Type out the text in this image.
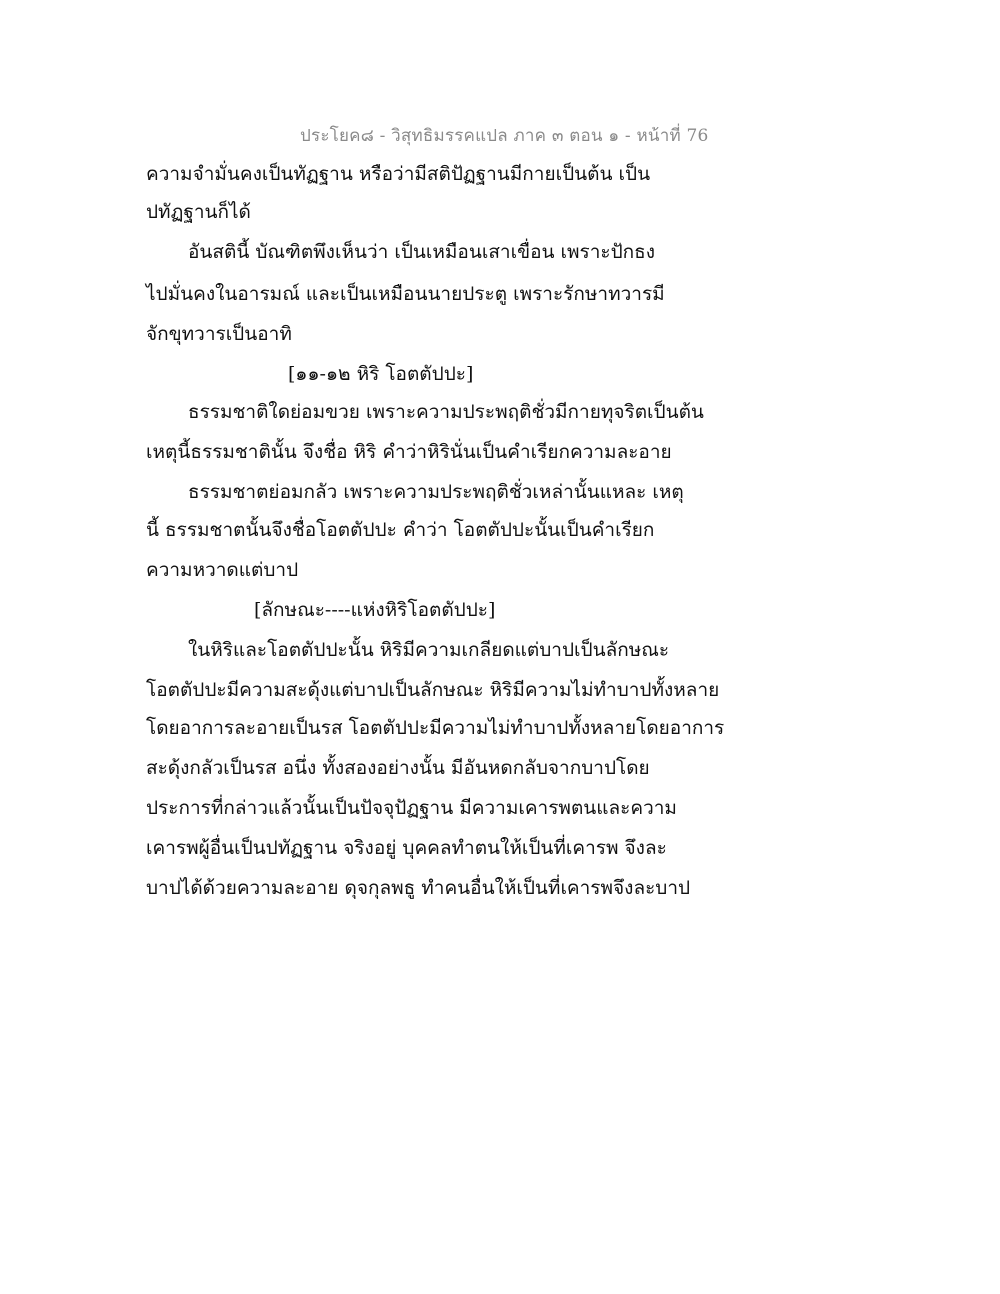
ประโยค๘ - วิสุทธิมรรคแปล ภาค ๓ ตอน ๑ - หน้าที่ 76
ความจำมั่นคงเป็นทัฏฐาน หรือว่ามีสติปัฏฐานมีกายเป็นต้น เป็น
ปทัฏฐานก็ได้
อันสตินี้ บัณฑิตพึงเห็นว่า เป็นเหมือนเสาเขื่อน เพราะปักธง
ไปมั่นคงในอารมณ์ และเป็นเหมือนนายประตู เพราะรักษาทวารมี
จักขุทวารเป็นอาทิ
[๑๑-๑๒ หิริ โอตตัปปะ]
ธรรมชาติใดย่อมขวย เพราะความประพฤติชั่วมีกายทุจริตเป็นต้น
เหตุนี้ธรรมชาตินั้น จึงชื่อ หิริ คำว่าหิรินั่นเป็นคำเรียกความละอาย
ธรรมชาตย่อมกลัว เพราะความประพฤติชั่วเหล่านั้นแหละ เหตุ
นี้ ธรรมชาตนั้นจึงชื่อโอตตัปปะ คำว่า โอตตัปปะนั้นเป็นคำเรียก
ความหวาดแต่บาป
[ลักษณะ----แห่งหิริโอตตัปปะ]
ในหิริและโอตตัปปะนั้น หิริมีความเกลียดแต่บาปเป็นลักษณะ
โอตตัปปะมีความสะดุ้งแต่บาปเป็นลักษณะ หิริมีความไม่ทำบาปทั้งหลาย
โดยอาการละอายเป็นรส โอตตัปปะมีความไม่ทำบาปทั้งหลายโดยอาการ
สะดุ้งกลัวเป็นรส อนึ่ง ทั้งสองอย่างนั้น มีอันหดกลับจากบาปโดย
ประการที่กล่าวแล้วนั้นเป็นปัจจุปัฏฐาน มีความเคารพตนและความ
เคารพผู้อื่นเป็นปทัฏฐาน จริงอยู่ บุคคลทำตนให้เป็นที่เคารพ จึงละ
บาปได้ด้วยความละอาย ดุจกุลพธู ทำคนอื่นให้เป็นที่เคารพจึงละบาป
